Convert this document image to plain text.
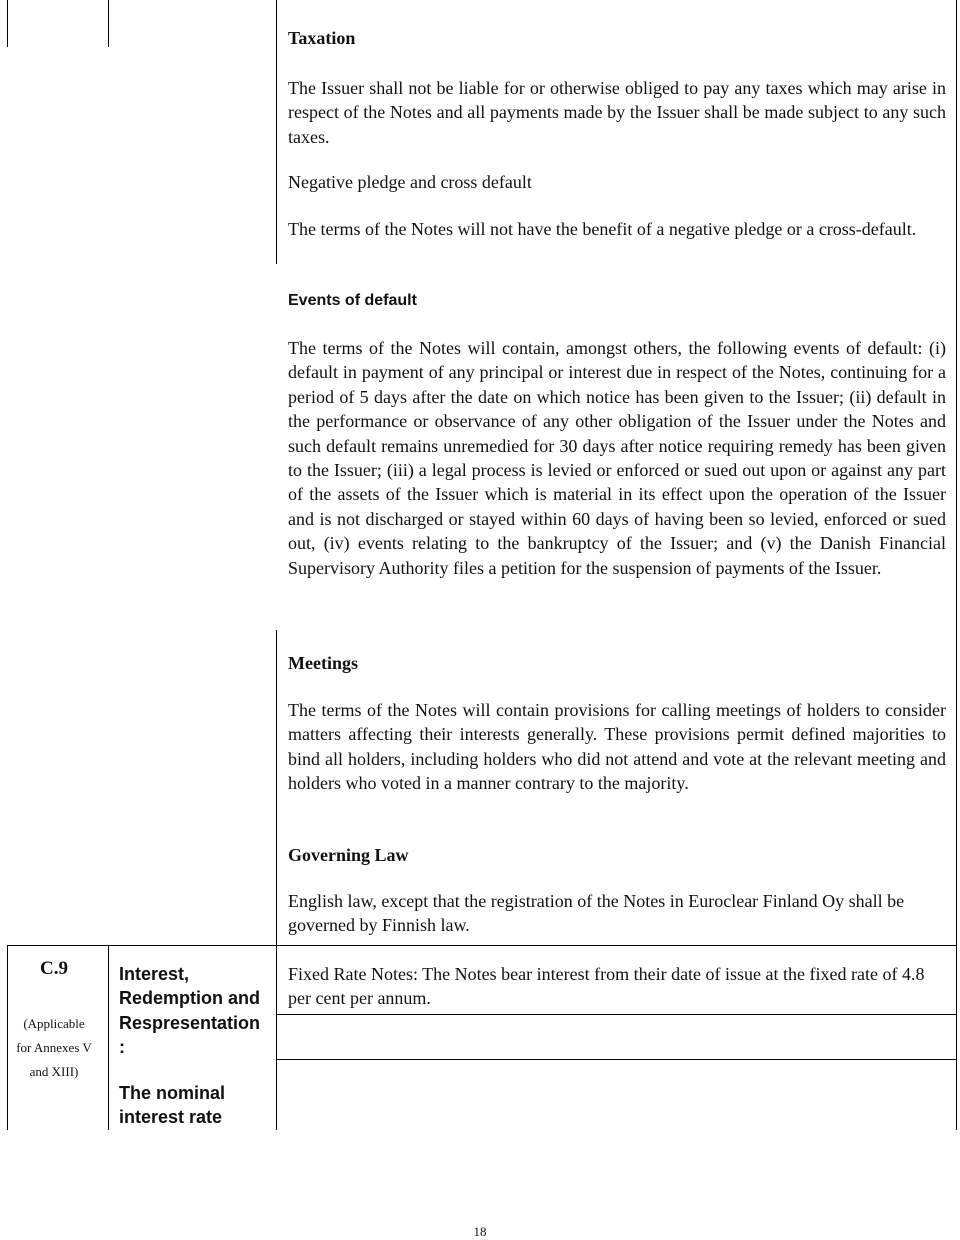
Taxation

The Issuer shall not be liable for or otherwise obliged to pay any taxes which may arise in respect of the Notes and all payments made by the Issuer shall be made subject to any such taxes.

Negative pledge and cross default

The terms of the Notes will not have the benefit of a negative pledge or a cross-default.

Events of default

The terms of the Notes will contain, amongst others, the following events of default: (i) default in payment of any principal or interest due in respect of the Notes, continuing for a period of 5 days after the date on which notice has been given to the Issuer; (ii) default in the performance or observance of any other obligation of the Issuer under the Notes and such default remains unremedied for 30 days after notice requiring remedy has been given to the Issuer; (iii) a legal process is levied or enforced or sued out upon or against any part of the assets of the Issuer which is material in its effect upon the operation of the Issuer and is not discharged or stayed within 60 days of having been so levied, enforced or sued out, (iv) events relating to the bankruptcy of the Issuer; and (v) the Danish Financial Supervisory Authority files a petition for the suspension of payments of the Issuer.

Meetings

The terms of the Notes will contain provisions for calling meetings of holders to consider matters affecting their interests generally. These provisions permit defined majorities to bind all holders, including holders who did not attend and vote at the relevant meeting and holders who voted in a manner contrary to the majority.

Governing Law

English law, except that the registration of the Notes in Euroclear Finland Oy shall be governed by Finnish law.

C.9
(Applicable
for Annexes V
and XIII)
Interest, Redemption and Respresentation :
The nominal interest rate

Fixed Rate Notes: The Notes bear interest from their date of issue at the fixed rate of 4.8 per cent per annum.

18
